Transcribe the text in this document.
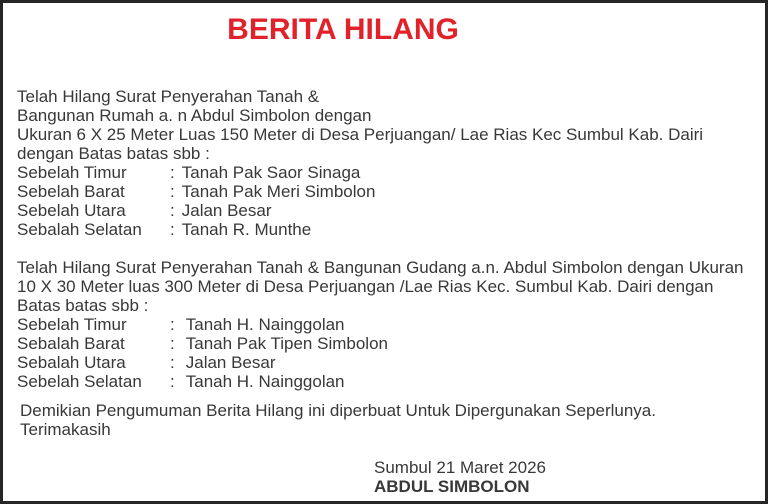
BERITA HILANG
Telah Hilang Surat Penyerahan Tanah &
Bangunan Rumah a. n Abdul Simbolon dengan
Ukuran 6 X 25 Meter Luas 150 Meter di Desa Perjuangan/ Lae Rias Kec Sumbul Kab. Dairi
dengan Batas batas sbb :
Sebelah Timur	: Tanah Pak Saor Sinaga
Sebelah Barat	: Tanah Pak Meri Simbolon
Sebelah Utara	: Jalan Besar
Sebalah Selatan	: Tanah R. Munthe
Telah Hilang Surat Penyerahan Tanah & Bangunan Gudang a.n. Abdul Simbolon dengan Ukuran
10 X 30 Meter luas 300 Meter di Desa Perjuangan /Lae Rias Kec. Sumbul Kab. Dairi dengan
Batas batas sbb :
Sebelah Timur	: Tanah H. Nainggolan
Sebalah Barat	: Tanah Pak Tipen Simbolon
Sebalah Utara	: Jalan Besar
Sebelah Selatan	: Tanah H. Nainggolan
Demikian Pengumuman Berita Hilang ini diperbuat Untuk Dipergunakan Seperlunya.
Terimakasih
Sumbul 21 Maret 2026
ABDUL SIMBOLON
